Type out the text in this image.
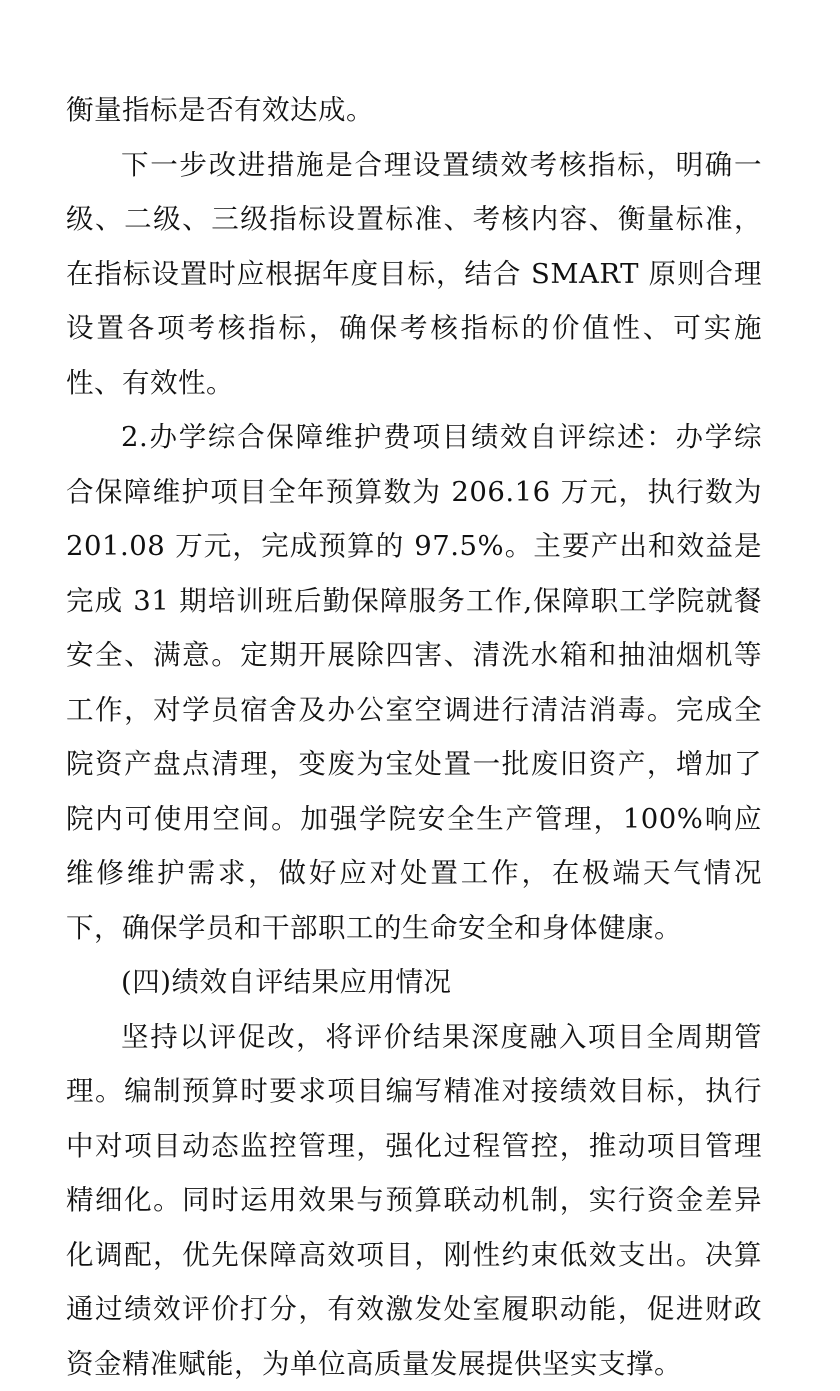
衡量指标是否有效达成。

下一步改进措施是合理设置绩效考核指标，明确一级、二级、三级指标设置标准、考核内容、衡量标准，在指标设置时应根据年度目标，结合 SMART 原则合理设置各项考核指标，确保考核指标的价值性、可实施性、有效性。

2.办学综合保障维护费项目绩效自评综述：办学综合保障维护项目全年预算数为 206.16 万元，执行数为 201.08 万元，完成预算的 97.5%。主要产出和效益是完成 31 期培训班后勤保障服务工作,保障职工学院就餐安全、满意。定期开展除四害、清洗水箱和抽油烟机等工作，对学员宿舍及办公室空调进行清洁消毒。完成全院资产盘点清理，变废为宝处置一批废旧资产，增加了院内可使用空间。加强学院安全生产管理，100%响应维修维护需求，做好应对处置工作，在极端天气情况下，确保学员和干部职工的生命安全和身体健康。

(四)绩效自评结果应用情况

坚持以评促改，将评价结果深度融入项目全周期管理。编制预算时要求项目编写精准对接绩效目标，执行中对项目动态监控管理，强化过程管控，推动项目管理精细化。同时运用效果与预算联动机制，实行资金差异化调配，优先保障高效项目，刚性约束低效支出。决算通过绩效评价打分，有效激发处室履职动能，促进财政资金精准赋能，为单位高质量发展提供坚实支撑。
